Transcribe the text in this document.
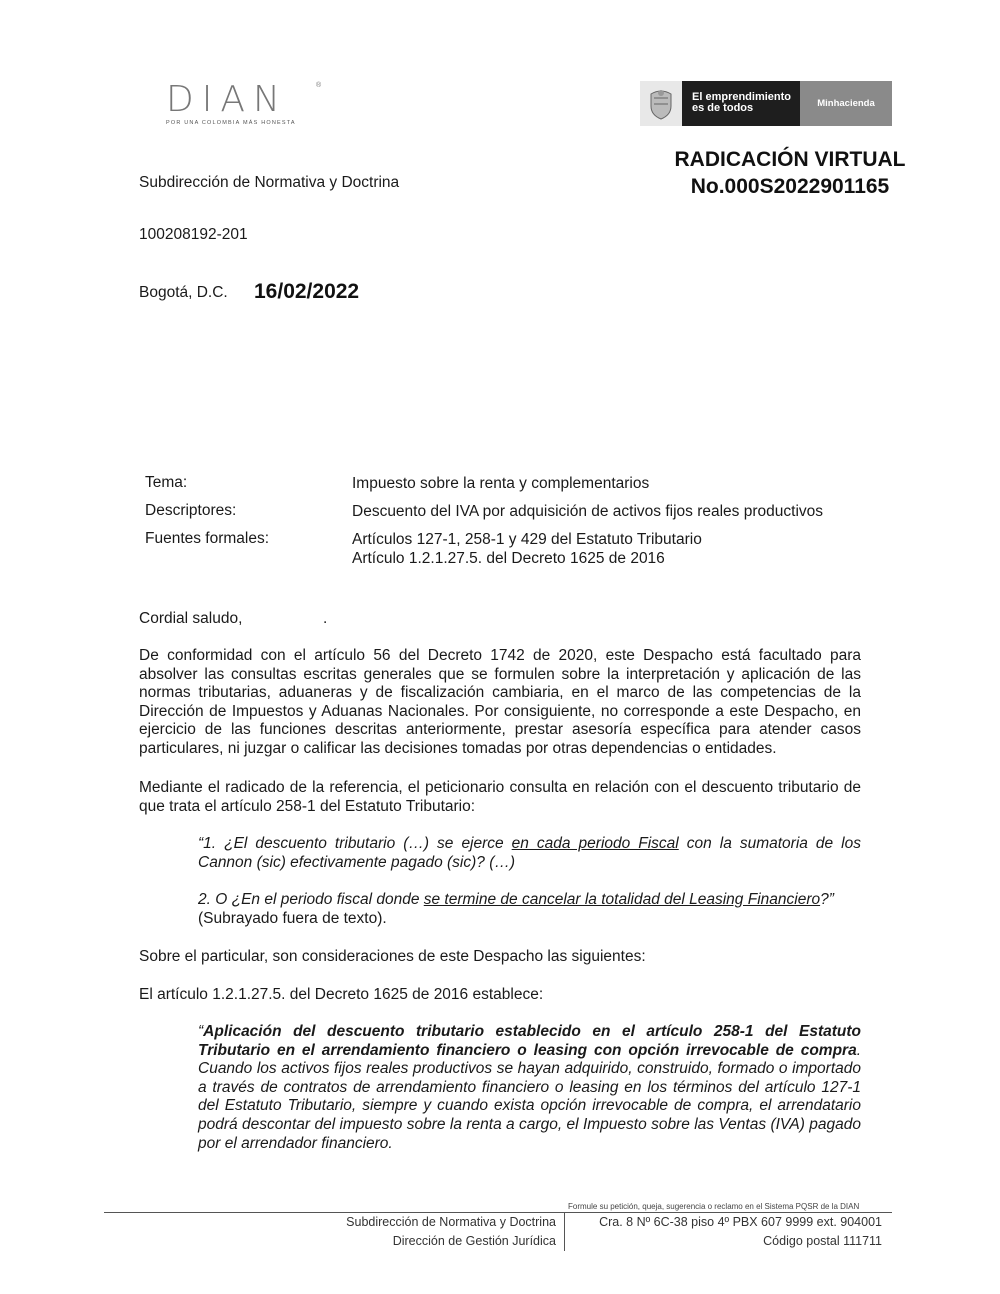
DIAN	®
POR UNA COLOMBIA MÁS HONESTA
El emprendimiento
es de todos	Minhacienda
RADICACIÓN VIRTUAL
No.000S2022901165
Subdirección de Normativa y Doctrina
100208192-201
Bogotá, D.C. 16/02/2022
Tema:	Impuesto sobre la renta y complementarios
Descriptores:	Descuento del IVA por adquisición de activos fijos reales productivos
Fuentes formales:	Artículos 127-1, 258-1 y 429 del Estatuto Tributario
Artículo 1.2.1.27.5. del Decreto 1625 de 2016
Cordial saludo,	.
De conformidad con el artículo 56 del Decreto 1742 de 2020, este Despacho está facultado para absolver las consultas escritas generales que se formulen sobre la interpretación y aplicación de las normas tributarias, aduaneras y de fiscalización cambiaria, en el marco de las competencias de la Dirección de Impuestos y Aduanas Nacionales. Por consiguiente, no corresponde a este Despacho, en ejercicio de las funciones descritas anteriormente, prestar asesoría específica para atender casos particulares, ni juzgar o calificar las decisiones tomadas por otras dependencias o entidades.
Mediante el radicado de la referencia, el peticionario consulta en relación con el descuento tributario de que trata el artículo 258-1 del Estatuto Tributario:
“1. ¿El descuento tributario (…) se ejerce en cada periodo Fiscal con la sumatoria de los Cannon (sic) efectivamente pagado (sic)? (…)
2. O ¿En el periodo fiscal donde se termine de cancelar la totalidad del Leasing Financiero?”
(Subrayado fuera de texto).
Sobre el particular, son consideraciones de este Despacho las siguientes:
El artículo 1.2.1.27.5. del Decreto 1625 de 2016 establece:
“Aplicación del descuento tributario establecido en el artículo 258-1 del Estatuto Tributario en el arrendamiento financiero o leasing con opción irrevocable de compra. Cuando los activos fijos reales productivos se hayan adquirido, construido, formado o importado a través de contratos de arrendamiento financiero o leasing en los términos del artículo 127-1 del Estatuto Tributario, siempre y cuando exista opción irrevocable de compra, el arrendatario podrá descontar del impuesto sobre la renta a cargo, el Impuesto sobre las Ventas (IVA) pagado por el arrendador financiero.
Formule su petición, queja, sugerencia o reclamo en el Sistema PQSR de la DIAN
Subdirección de Normativa y Doctrina
Dirección de Gestión Jurídica
Cra. 8 Nº 6C-38 piso 4º PBX 607 9999 ext. 904001
Código postal 111711
